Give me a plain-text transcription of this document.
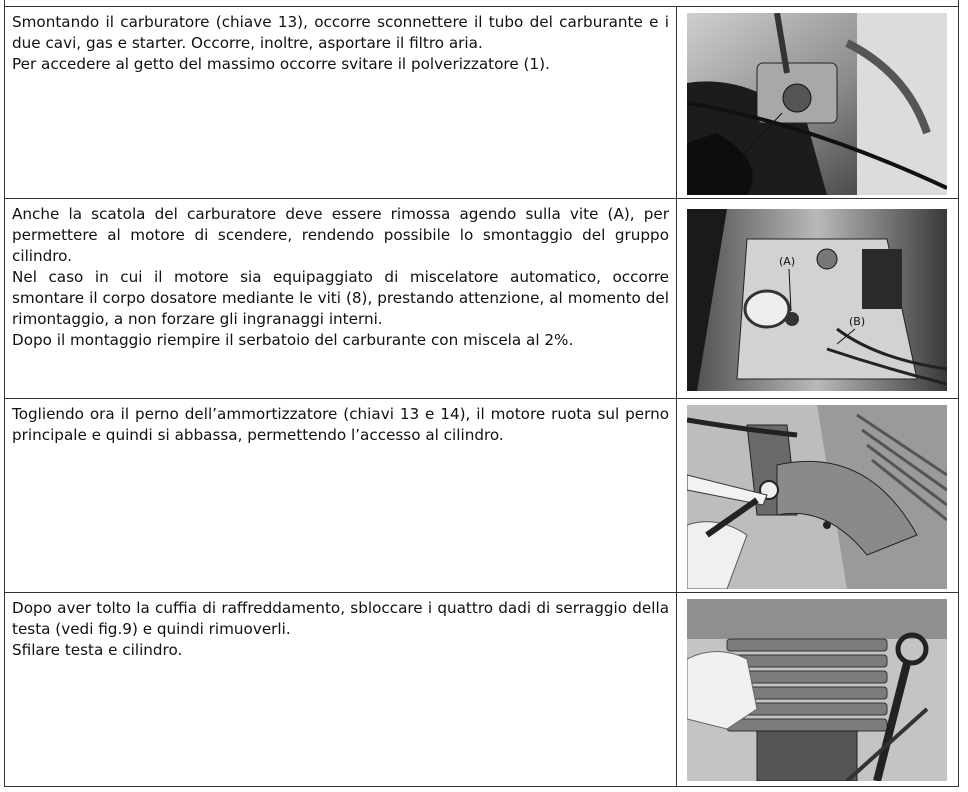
Smontando il carburatore (chiave 13), occorre sconnettere il tubo del carburante e i due cavi, gas e starter. Occorre, inoltre, asportare il filtro aria.

Per accedere al getto del massimo occorre svitare il polverizzatore (1).

(1)

Anche la scatola del carburatore deve essere rimossa agendo sulla vite (A), per permettere al motore di scendere, rendendo possibile lo smontaggio del gruppo cilindro.

Nel caso in cui il motore sia equipaggiato di miscelatore automatico, occorre smontare il corpo dosatore mediante le viti (8), prestando attenzione, al momento del rimontaggio, a non forzare gli ingranaggi interni.

Dopo il montaggio riempire il serbatoio del carburante con miscela al 2%.

(A)
(B)

Togliendo ora il perno dell’ammortizzatore (chiavi 13 e 14), il motore ruota sul perno principale e quindi si abbassa, permettendo l’accesso al cilindro.

Dopo aver tolto la cuffia di raffreddamento, sbloccare i quattro dadi di serraggio della testa (vedi fig.9) e quindi rimuoverli.

Sfilare testa e cilindro.
